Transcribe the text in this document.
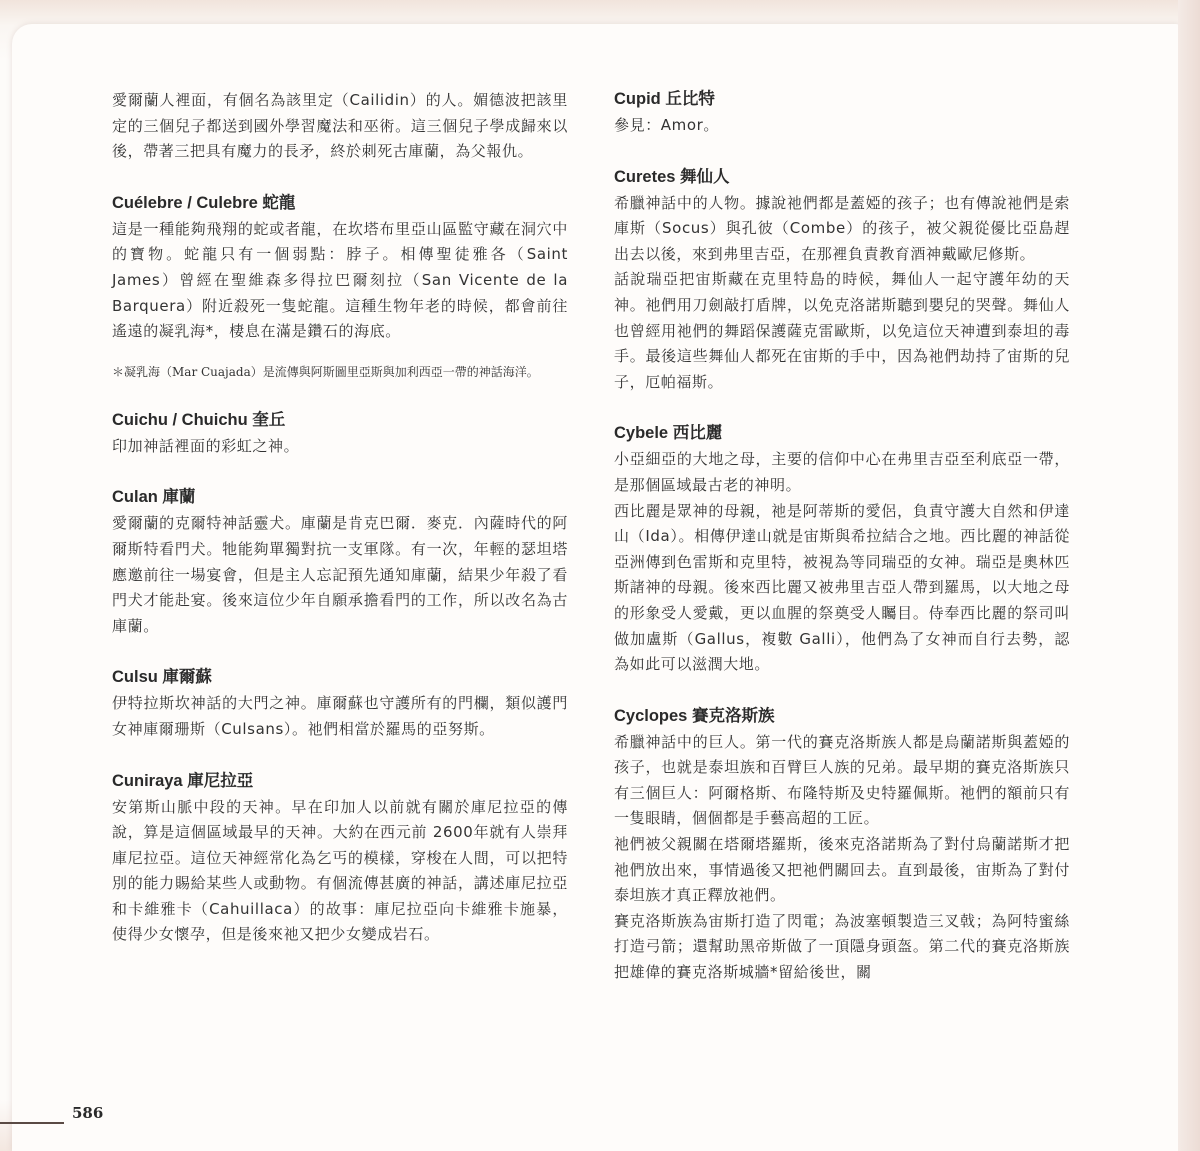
愛爾蘭人裡面，有個名為該里定（Cailidin）的人。媚德波把該里定的三個兒子都送到國外學習魔法和巫術。這三個兒子學成歸來以後，帶著三把具有魔力的長矛，終於刺死古庫蘭，為父報仇。

Cuélebre / Culebre 蛇龍

這是一種能夠飛翔的蛇或者龍，在坎塔布里亞山區監守藏在洞穴中的寶物。蛇龍只有一個弱點：脖子。相傳聖徒雅各（Saint James）曾經在聖維森多得拉巴爾刻拉（San Vicente de la Barquera）附近殺死一隻蛇龍。這種生物年老的時候，都會前往遙遠的凝乳海*，棲息在滿是鑽石的海底。

＊凝乳海（Mar Cuajada）是流傳與阿斯圖里亞斯與加利西亞一帶的神話海洋。

Cuichu / Chuichu 奎丘

印加神話裡面的彩虹之神。

Culan 庫蘭

愛爾蘭的克爾特神話靈犬。庫蘭是肯克巴爾．麥克．內薩時代的阿爾斯特看門犬。牠能夠單獨對抗一支軍隊。有一次，年輕的瑟坦塔應邀前往一場宴會，但是主人忘記預先通知庫蘭，結果少年殺了看門犬才能赴宴。後來這位少年自願承擔看門的工作，所以改名為古庫蘭。

Culsu 庫爾蘇

伊特拉斯坎神話的大門之神。庫爾蘇也守護所有的門欄，類似護門女神庫爾珊斯（Culsans）。祂們相當於羅馬的亞努斯。

Cuniraya 庫尼拉亞

安第斯山脈中段的天神。早在印加人以前就有關於庫尼拉亞的傳說，算是這個區域最早的天神。大約在西元前 2600年就有人崇拜庫尼拉亞。這位天神經常化為乞丐的模樣，穿梭在人間，可以把特別的能力賜給某些人或動物。有個流傳甚廣的神話，講述庫尼拉亞和卡維雅卡（Cahuillaca）的故事：庫尼拉亞向卡維雅卡施暴，使得少女懷孕，但是後來祂又把少女變成岩石。

Cupid 丘比特

參見：Amor。

Curetes 舞仙人

希臘神話中的人物。據說祂們都是蓋婭的孩子；也有傳說祂們是索庫斯（Socus）與孔彼（Combe）的孩子，被父親從優比亞島趕出去以後，來到弗里吉亞，在那裡負責教育酒神戴歐尼修斯。

話說瑞亞把宙斯藏在克里特島的時候，舞仙人一起守護年幼的天神。祂們用刀劍敲打盾牌，以免克洛諾斯聽到嬰兒的哭聲。舞仙人也曾經用祂們的舞蹈保護薩克雷歐斯，以免這位天神遭到泰坦的毒手。最後這些舞仙人都死在宙斯的手中，因為祂們劫持了宙斯的兒子，厄帕福斯。

Cybele 西比麗

小亞細亞的大地之母，主要的信仰中心在弗里吉亞至利底亞一帶，是那個區域最古老的神明。

西比麗是眾神的母親，祂是阿蒂斯的愛侶，負責守護大自然和伊達山（Ida）。相傳伊達山就是宙斯與希拉結合之地。西比麗的神話從亞洲傳到色雷斯和克里特，被視為等同瑞亞的女神。瑞亞是奧林匹斯諸神的母親。後來西比麗又被弗里吉亞人帶到羅馬，以大地之母的形象受人愛戴，更以血腥的祭奠受人矚目。侍奉西比麗的祭司叫做加盧斯（Gallus，複數 Galli），他們為了女神而自行去勢，認為如此可以滋潤大地。

Cyclopes 賽克洛斯族

希臘神話中的巨人。第一代的賽克洛斯族人都是烏蘭諾斯與蓋婭的孩子，也就是泰坦族和百臂巨人族的兄弟。最早期的賽克洛斯族只有三個巨人：阿爾格斯、布隆特斯及史特羅佩斯。祂們的額前只有一隻眼睛，個個都是手藝高超的工匠。

祂們被父親關在塔爾塔羅斯，後來克洛諾斯為了對付烏蘭諾斯才把祂們放出來，事情過後又把祂們關回去。直到最後，宙斯為了對付泰坦族才真正釋放祂們。

賽克洛斯族為宙斯打造了閃電；為波塞頓製造三叉戟；為阿特蜜絲打造弓箭；還幫助黑帝斯做了一頂隱身頭盔。第二代的賽克洛斯族把雄偉的賽克洛斯城牆*留給後世，關

586
